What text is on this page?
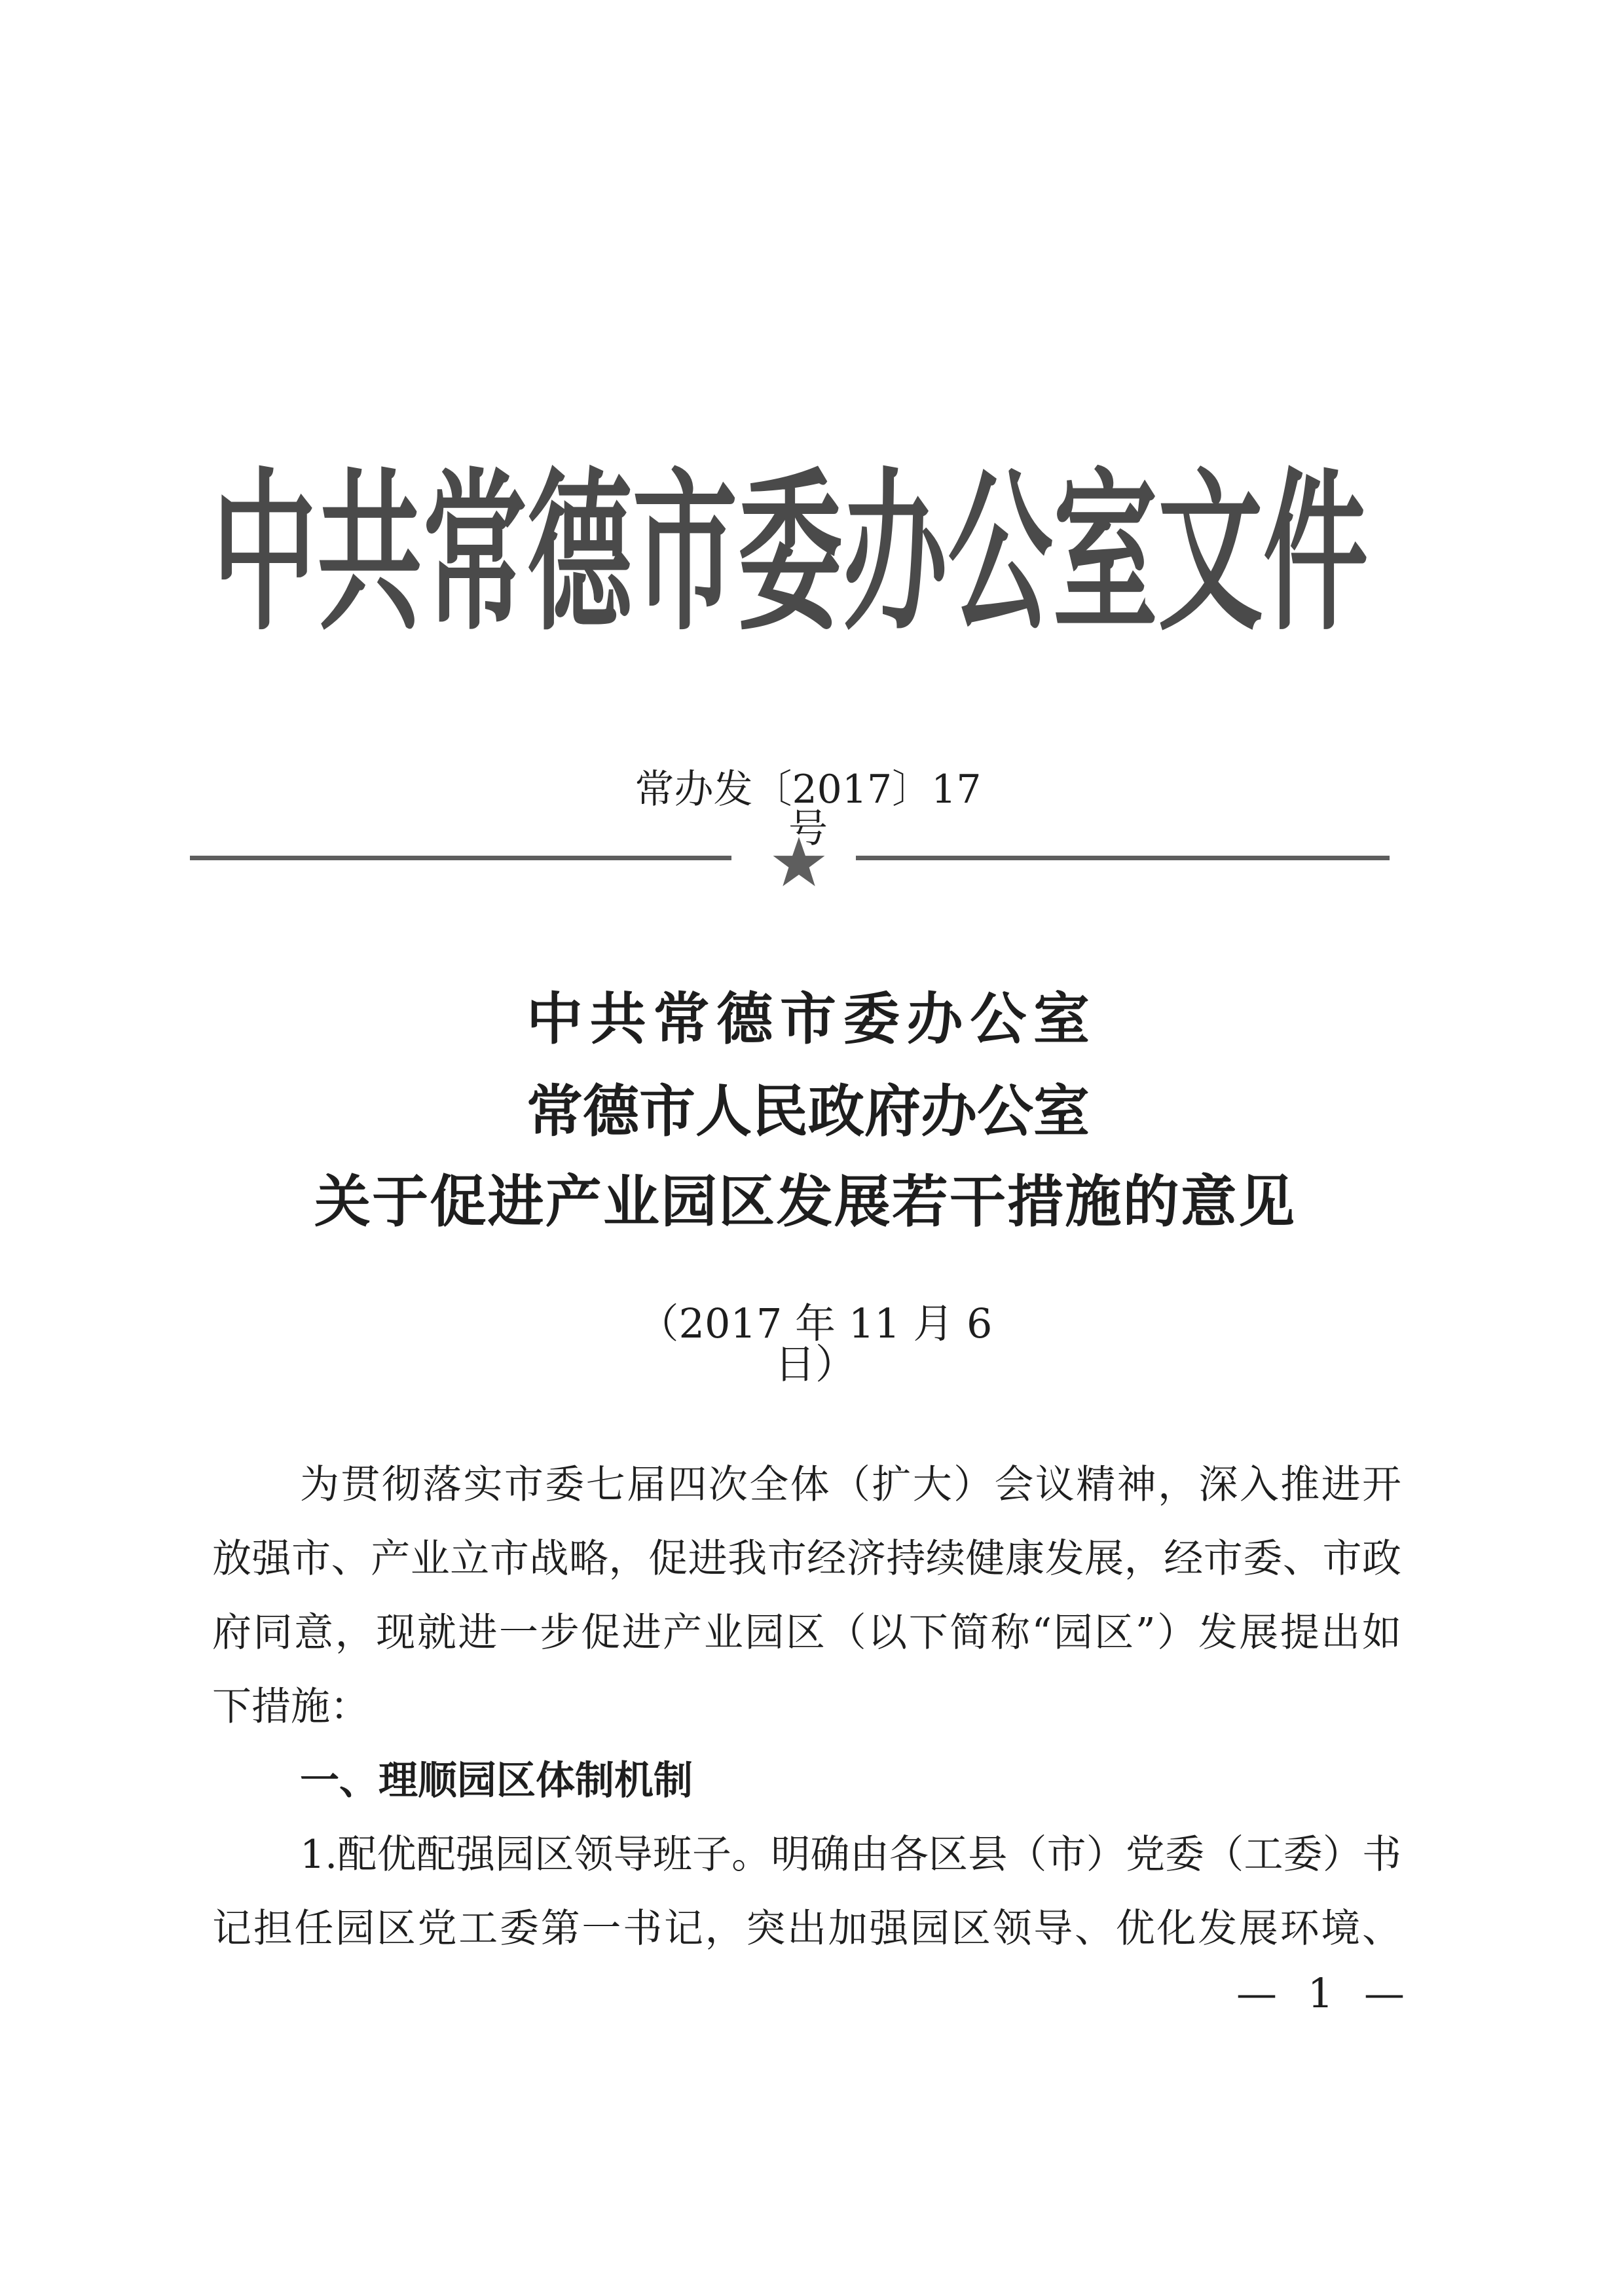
中共常德市委办公室文件
常办发〔2017〕17 号
中共常德市委办公室
常德市人民政府办公室
关于促进产业园区发展若干措施的意见
（2017 年 11 月 6 日）
为贯彻落实市委七届四次全体（扩大）会议精神，深入推进开
放强市、产业立市战略，促进我市经济持续健康发展，经市委、市政
府同意，现就进一步促进产业园区（以下简称“园区”）发展提出如
下措施：
一、理顺园区体制机制
1.配优配强园区领导班子。明确由各区县（市）党委（工委）书
记担任园区党工委第一书记，突出加强园区领导、优化发展环境、
— 1 —
